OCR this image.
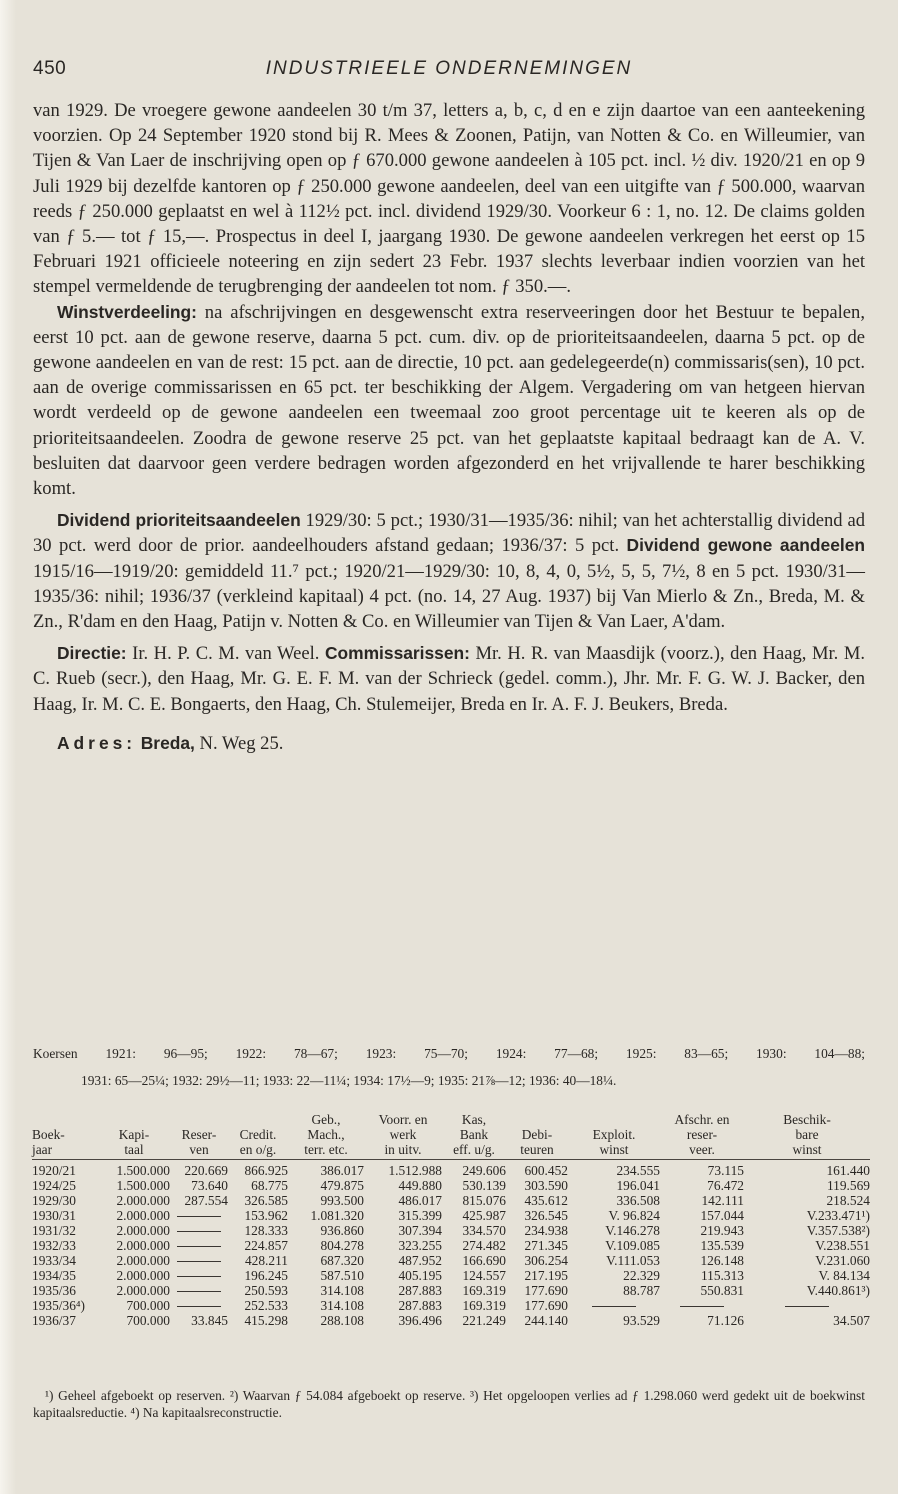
450	INDUSTRIEELE ONDERNEMINGEN

van 1929. De vroegere gewone aandeelen 30 t/m 37, letters a, b, c, d en e zijn daartoe van een aanteekening voorzien. Op 24 September 1920 stond bij R. Mees & Zoonen, Patijn, van Notten & Co. en Willeumier, van Tijen & Van Laer de inschrijving open op ƒ 670.000 gewone aandeelen à 105 pct. incl. ½ div. 1920/21 en op 9 Juli 1929 bij dezelfde kantoren op ƒ 250.000 gewone aandeelen, deel van een uitgifte van ƒ 500.000, waarvan reeds ƒ 250.000 geplaatst en wel à 112½ pct. incl. dividend 1929/30. Voorkeur 6 : 1, no. 12. De claims golden van ƒ 5.— tot ƒ 15,—. Prospectus in deel I, jaargang 1930. De gewone aandeelen verkregen het eerst op 15 Februari 1921 officieele noteering en zijn sedert 23 Febr. 1937 slechts leverbaar indien voorzien van het stempel vermeldende de terugbrenging der aandeelen tot nom. ƒ 350.—.

Winstverdeeling: na afschrijvingen en desgewenscht extra reserveeringen door het Bestuur te bepalen, eerst 10 pct. aan de gewone reserve, daarna 5 pct. cum. div. op de prioriteitsaandeelen, daarna 5 pct. op de gewone aandeelen en van de rest: 15 pct. aan de directie, 10 pct. aan gedelegeerde(n) commissaris(sen), 10 pct. aan de overige commissarissen en 65 pct. ter beschikking der Algem. Vergadering om van hetgeen hiervan wordt verdeeld op de gewone aandeelen een tweemaal zoo groot percentage uit te keeren als op de prioriteitsaandeelen. Zoodra de gewone reserve 25 pct. van het geplaatste kapitaal bedraagt kan de A. V. besluiten dat daarvoor geen verdere bedragen worden afgezonderd en het vrijvallende te harer beschikking komt.

Dividend prioriteitsaandeelen 1929/30: 5 pct.; 1930/31—1935/36: nihil; van het achterstallig dividend ad 30 pct. werd door de prior. aandeelhouders afstand gedaan; 1936/37: 5 pct. Dividend gewone aandeelen 1915/16—1919/20: gemiddeld 11.⁷ pct.; 1920/21—1929/30: 10, 8, 4, 0, 5½, 5, 5, 7½, 8 en 5 pct. 1930/31—1935/36: nihil; 1936/37 (verkleind kapitaal) 4 pct. (no. 14, 27 Aug. 1937) bij Van Mierlo & Zn., Breda, M. & Zn., R'dam en den Haag, Patijn v. Notten & Co. en Willeumier van Tijen & Van Laer, A'dam.

Directie: Ir. H. P. C. M. van Weel. Commissarissen: Mr. H. R. van Maasdijk (voorz.), den Haag, Mr. M. C. Rueb (secr.), den Haag, Mr. G. E. F. M. van der Schrieck (gedel. comm.), Jhr. Mr. F. G. W. J. Backer, den Haag, Ir. M. C. E. Bongaerts, den Haag, Ch. Stulemeijer, Breda en Ir. A. F. J. Beukers, Breda.

Adres: Breda, N. Weg 25.

Koersen 1921: 96—95; 1922: 78—67; 1923: 75—70; 1924: 77—68; 1925: 83—65; 1930: 104—88;

1931: 65—25¼; 1932: 29½—11; 1933: 22—11¼; 1934: 17½—9; 1935: 21⅞—12; 1936: 40—18¼.

				Geb.,	Voorr. en	Kas,			Afschr. en	Beschik-
Boek-	Kapi-	Reser-	Credit.	Mach.,	werk	Bank	Debi-	Exploit.	reser-	bare
jaar	taal	ven	en o/g.	terr. etc.	in uitv.	eff. u/g.	teuren	winst	veer.	winst
1920/21	1.500.000	220.669	866.925	386.017	1.512.988	249.606	600.452	234.555	73.115	161.440
1924/25	1.500.000	73.640	68.775	479.875	449.880	530.139	303.590	196.041	76.472	119.569
1929/30	2.000.000	287.554	326.585	993.500	486.017	815.076	435.612	336.508	142.111	218.524
1930/31	2.000.000		153.962	1.081.320	315.399	425.987	326.545	V. 96.824	157.044	V.233.471¹)
1931/32	2.000.000		128.333	936.860	307.394	334.570	234.938	V.146.278	219.943	V.357.538²)
1932/33	2.000.000		224.857	804.278	323.255	274.482	271.345	V.109.085	135.539	V.238.551
1933/34	2.000.000		428.211	687.320	487.952	166.690	306.254	V.111.053	126.148	V.231.060
1934/35	2.000.000		196.245	587.510	405.195	124.557	217.195	22.329	115.313	V. 84.134
1935/36	2.000.000		250.593	314.108	287.883	169.319	177.690	88.787	550.831	V.440.861³)
1935/36⁴)	700.000		252.533	314.108	287.883	169.319	177.690			
1936/37	700.000	33.845	415.298	288.108	396.496	221.249	244.140	93.529	71.126	34.507

¹) Geheel afgeboekt op reserven. ²) Waarvan ƒ 54.084 afgeboekt op reserve. ³) Het opgeloopen verlies ad ƒ 1.298.060 werd gedekt uit de boekwinst kapitaalsreductie. ⁴) Na kapitaalsreconstructie.
